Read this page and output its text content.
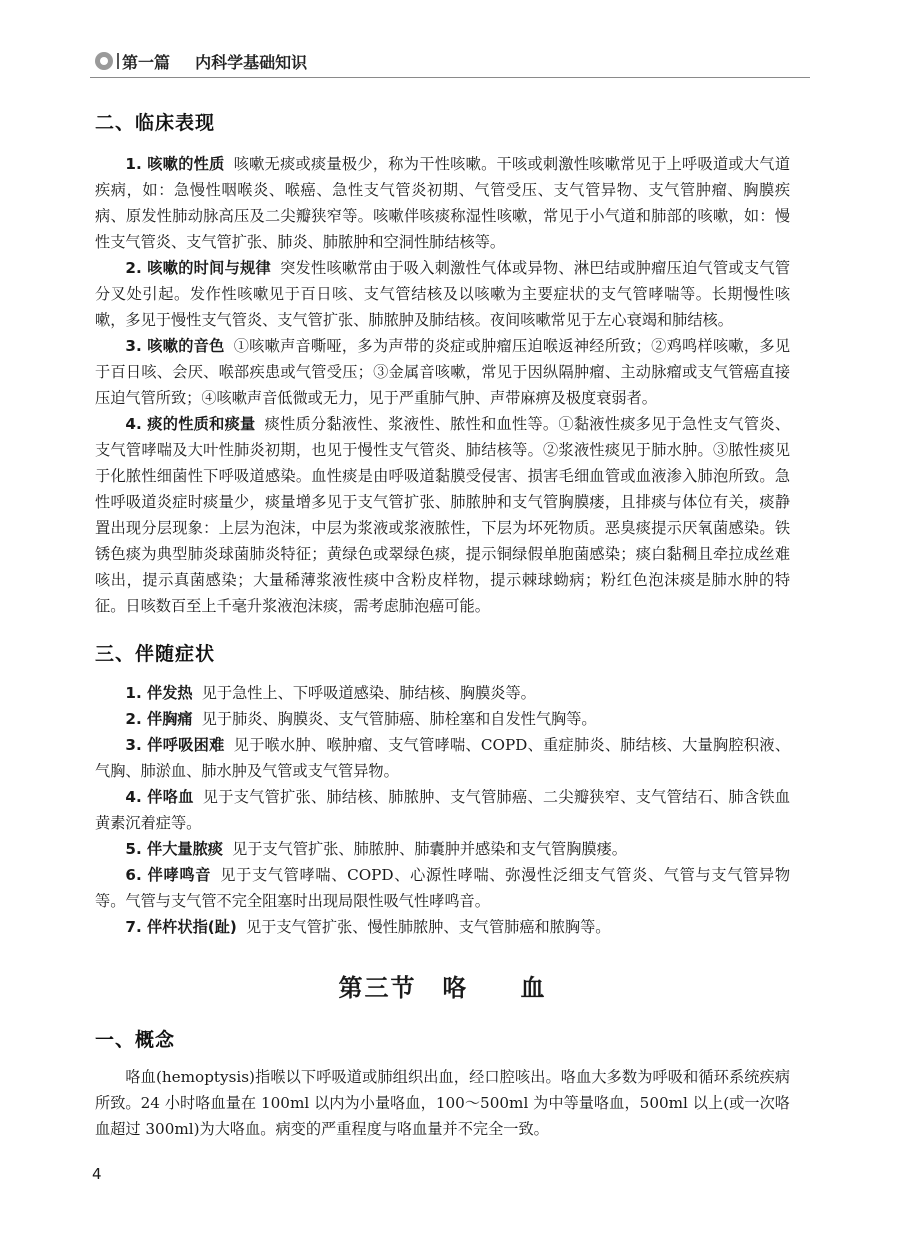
第一篇 内科学基础知识
二、临床表现

1. 咳嗽的性质 咳嗽无痰或痰量极少，称为干性咳嗽。干咳或刺激性咳嗽常见于上呼吸道或大气道疾病，如：急慢性咽喉炎、喉癌、急性支气管炎初期、气管受压、支气管异物、支气管肿瘤、胸膜疾病、原发性肺动脉高压及二尖瓣狭窄等。咳嗽伴咳痰称湿性咳嗽，常见于小气道和肺部的咳嗽，如：慢性支气管炎、支气管扩张、肺炎、肺脓肿和空洞性肺结核等。

2. 咳嗽的时间与规律 突发性咳嗽常由于吸入刺激性气体或异物、淋巴结或肿瘤压迫气管或支气管分叉处引起。发作性咳嗽见于百日咳、支气管结核及以咳嗽为主要症状的支气管哮喘等。长期慢性咳嗽，多见于慢性支气管炎、支气管扩张、肺脓肿及肺结核。夜间咳嗽常见于左心衰竭和肺结核。

3. 咳嗽的音色 ①咳嗽声音嘶哑，多为声带的炎症或肿瘤压迫喉返神经所致；②鸡鸣样咳嗽，多见于百日咳、会厌、喉部疾患或气管受压；③金属音咳嗽，常见于因纵隔肿瘤、主动脉瘤或支气管癌直接压迫气管所致；④咳嗽声音低微或无力，见于严重肺气肿、声带麻痹及极度衰弱者。

4. 痰的性质和痰量 痰性质分黏液性、浆液性、脓性和血性等。①黏液性痰多见于急性支气管炎、支气管哮喘及大叶性肺炎初期，也见于慢性支气管炎、肺结核等。②浆液性痰见于肺水肿。③脓性痰见于化脓性细菌性下呼吸道感染。血性痰是由呼吸道黏膜受侵害、损害毛细血管或血液渗入肺泡所致。急性呼吸道炎症时痰量少，痰量增多见于支气管扩张、肺脓肿和支气管胸膜瘘，且排痰与体位有关，痰静置出现分层现象：上层为泡沫，中层为浆液或浆液脓性，下层为坏死物质。恶臭痰提示厌氧菌感染。铁锈色痰为典型肺炎球菌肺炎特征；黄绿色或翠绿色痰，提示铜绿假单胞菌感染；痰白黏稠且牵拉成丝难咳出，提示真菌感染；大量稀薄浆液性痰中含粉皮样物，提示棘球蚴病；粉红色泡沫痰是肺水肿的特征。日咳数百至上千毫升浆液泡沫痰，需考虑肺泡癌可能。

三、伴随症状

1. 伴发热 见于急性上、下呼吸道感染、肺结核、胸膜炎等。

2. 伴胸痛 见于肺炎、胸膜炎、支气管肺癌、肺栓塞和自发性气胸等。

3. 伴呼吸困难 见于喉水肿、喉肿瘤、支气管哮喘、COPD、重症肺炎、肺结核、大量胸腔积液、气胸、肺淤血、肺水肿及气管或支气管异物。

4. 伴咯血 见于支气管扩张、肺结核、肺脓肿、支气管肺癌、二尖瓣狭窄、支气管结石、肺含铁血黄素沉着症等。

5. 伴大量脓痰 见于支气管扩张、肺脓肿、肺囊肿并感染和支气管胸膜瘘。

6. 伴哮鸣音 见于支气管哮喘、COPD、心源性哮喘、弥漫性泛细支气管炎、气管与支气管异物等。气管与支气管不完全阻塞时出现局限性吸气性哮鸣音。

7. 伴杵状指(趾) 见于支气管扩张、慢性肺脓肿、支气管肺癌和脓胸等。

第三节　咯　　血
一、概念

咯血(hemoptysis)指喉以下呼吸道或肺组织出血，经口腔咳出。咯血大多数为呼吸和循环系统疾病所致。24 小时咯血量在 100ml 以内为小量咯血，100～500ml 为中等量咯血，500ml 以上(或一次咯血超过 300ml)为大咯血。病变的严重程度与咯血量并不完全一致。

4
